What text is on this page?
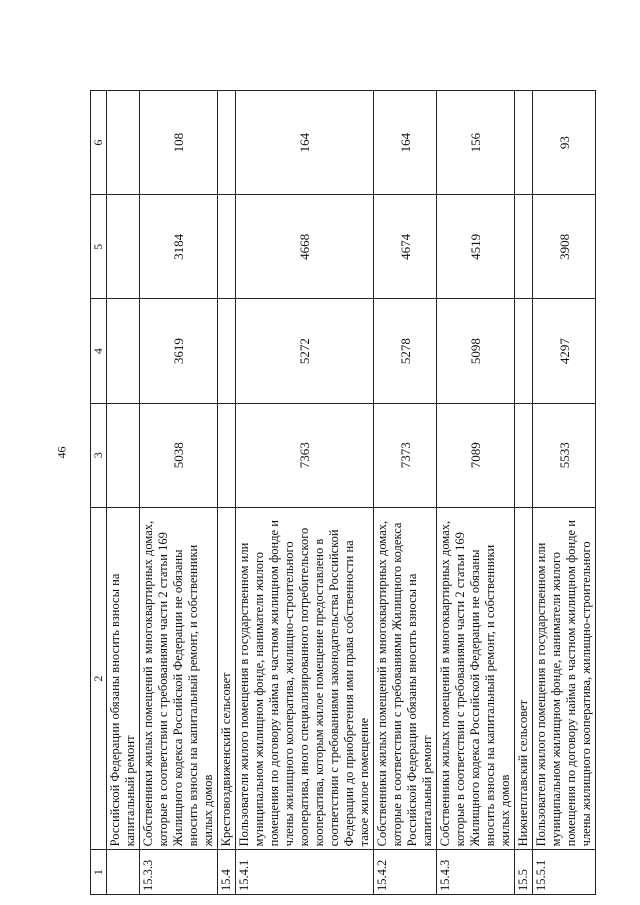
46
1	2	3	4	5	6
	Российской Федерации обязаны вносить взносы на капитальный ремонт				
15.3.3	Собственники жилых помещений в многоквартирных домах, которые в соответствии с требованиями части 2 статьи 169 Жилищного кодекса Российской Федерации не обязаны вносить взносы на капитальный ремонт, и собственники жилых домов	5038	3619	3184	108
15.4	Крестовоздвиженский сельсовет				
15.4.1	Пользователи жилого помещения в государственном или муниципальном жилищном фонде, наниматели жилого помещения по договору найма в частном жилищном фонде и члены жилищного кооператива, жилищно-строительного кооператива, иного специализированного потребительского кооператива, которым жилое помещение предоставлено в соответствии с требованиями законодательства Российской Федерации до приобретения ими права собственности на такое жилое помещение	7363	5272	4668	164
15.4.2	Собственники жилых помещений в многоквартирных домах, которые в соответствии с требованиями Жилищного кодекса Российской Федерации обязаны вносить взносы на капитальный ремонт	7373	5278	4674	164
15.4.3	Собственники жилых помещений в многоквартирных домах, которые в соответствии с требованиями части 2 статьи 169 Жилищного кодекса Российской Федерации не обязаны вносить взносы на капитальный ремонт, и собственники жилых домов	7089	5098	4519	156
15.5	Нижнеплтавский сельсовет				
15.5.1	Пользователи жилого помещения в государственном или муниципальном жилищном фонде, наниматели жилого помещения по договору найма в частном жилищном фонде и члены жилищного кооператива, жилищно-строительного	5533	4297	3908	93
